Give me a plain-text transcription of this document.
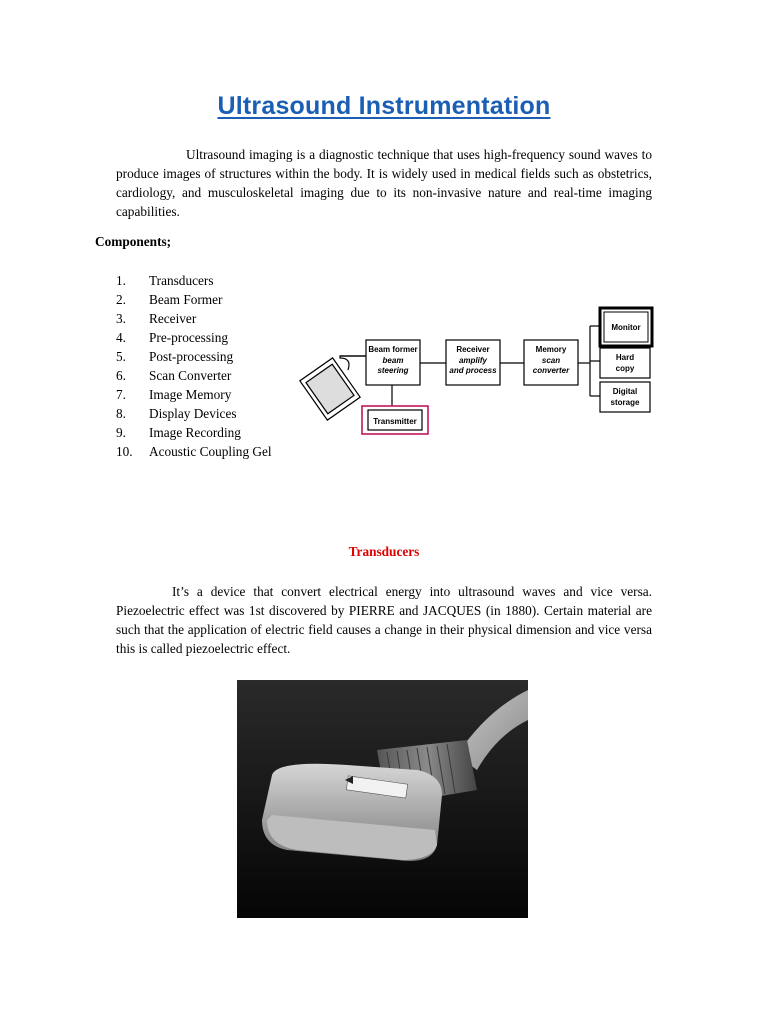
Ultrasound Instrumentation

Ultrasound imaging is a diagnostic technique that uses high-frequency sound waves to produce images of structures within the body. It is widely used in medical fields such as obstetrics, cardiology, and musculoskeletal imaging due to its non-invasive nature and real-time imaging capabilities.

Components;
1.	Transducers
2.	Beam Former
3.	Receiver
4.	Pre-processing
5.	Post-processing
6.	Scan Converter
7.	Image Memory
8.	Display Devices
9.	Image Recording
10.	Acoustic Coupling Gel
Beam former
beam
steering
Receiver
amplify
and process
Memory
scan
converter
Monitor
Hard
copy
Digital
storage
Transmitter
Transducers

It’s a device that convert electrical energy into ultrasound waves and vice versa. Piezoelectric effect was 1st discovered by PIERRE and JACQUES (in 1880). Certain material are such that the application of electric field causes a change in their physical dimension and vice versa this is called piezoelectric effect.
